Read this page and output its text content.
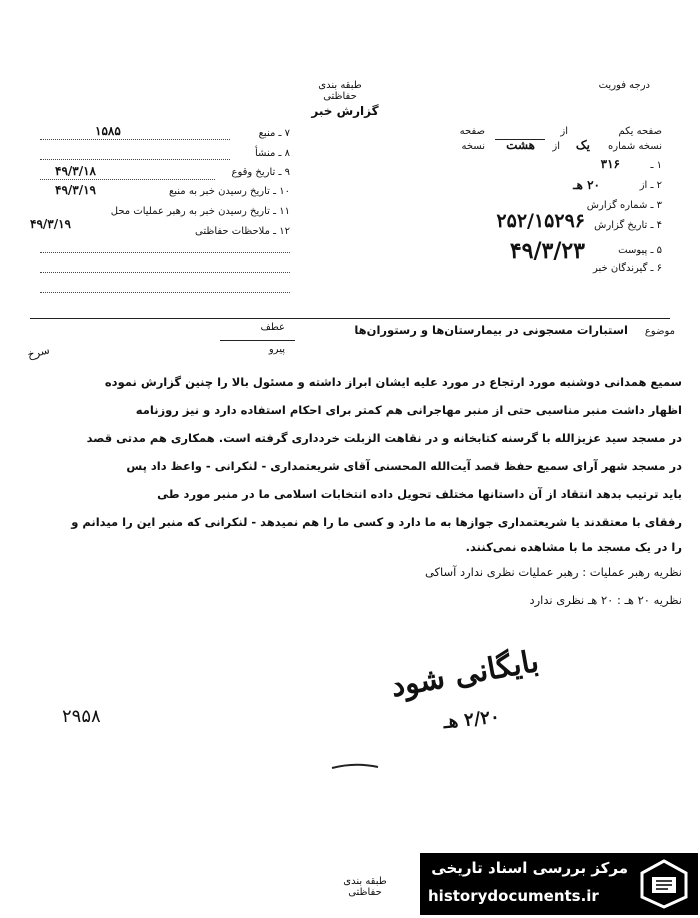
طبقه بندی حفاظتی
درجه فوریت
گزارش خبر
صفحه یکم
از
صفحه
نسخه شماره
یک
از
هشت
نسخه
۱ ـ
۳۱۶
۲ ـ از
۲۰ هـ
۳ ـ شماره گزارش
۲۵۲/۱۵۲۹۶ ۴ ـ تاریخ گزارش
۴۹/۳/۲۳	۵ ـ پیوست
۶ ـ گیرندگان خبر
۷ ـ منبع
۱۵۸۵
۸ ـ منشأ
۹ ـ تاریخ وقوع
۴۹/۳/۱۸
۱۰ ـ تاریخ رسیدن خبر به منبع
۴۹/۳/۱۹
۱۱ ـ تاریخ رسیدن خبر به رهبر عملیات محل
۴۹/۳/۱۹
۱۲ ـ ملاحظات حفاظتی
موضوع
استبارات مسجونی در بیمارستان‌ها و رستوران‌ها
عطف
پیرو
سرخ
سمیع همدانی دوشنبه مورد ارتجاع در مورد علیه ایشان ابراز داشته و مسئول بالا را چنین گزارش نموده
اظهار داشت منبر مناسبی حتی از منبر مهاجرانی هم کمتر برای احکام استفاده دارد و نیز روزنامه
در مسجد سید عزیزالله با گرسنه کتابخانه و در نقاهت الزبلت خردداری گرفته است. همکاری هم مدتی قصد
در مسجد شهر آرای سمیع حفظ قصد آیت‌الله المحسنی آقای شریعتمداری - لنکرانی - واعظ داد پس
باید ترتیب بدهد انتقاد از آن داستانها مختلف تحویل داده انتخابات اسلامی ما در منبر مورد طی
رفقای با معتقدند یا شریعتمداری جوازها به ما دارد و کسی ما را هم نمیدهد - لنکرانی که منبر این را میدانم و
را در یک مسجد ما با مشاهده نمی‌کنند.
نظریه رهبر عملیات : رهبر عملیات نظری ندارد آساکی
نظریه ۲۰ هـ : ۲۰ هـ نظری ندارد
بایگانی شود
۲/۲۰ هـ
۲۹۵۸
طبقه بندی حفاظتی
مرکز بررسی اسناد تاریخی
historydocuments.ir
